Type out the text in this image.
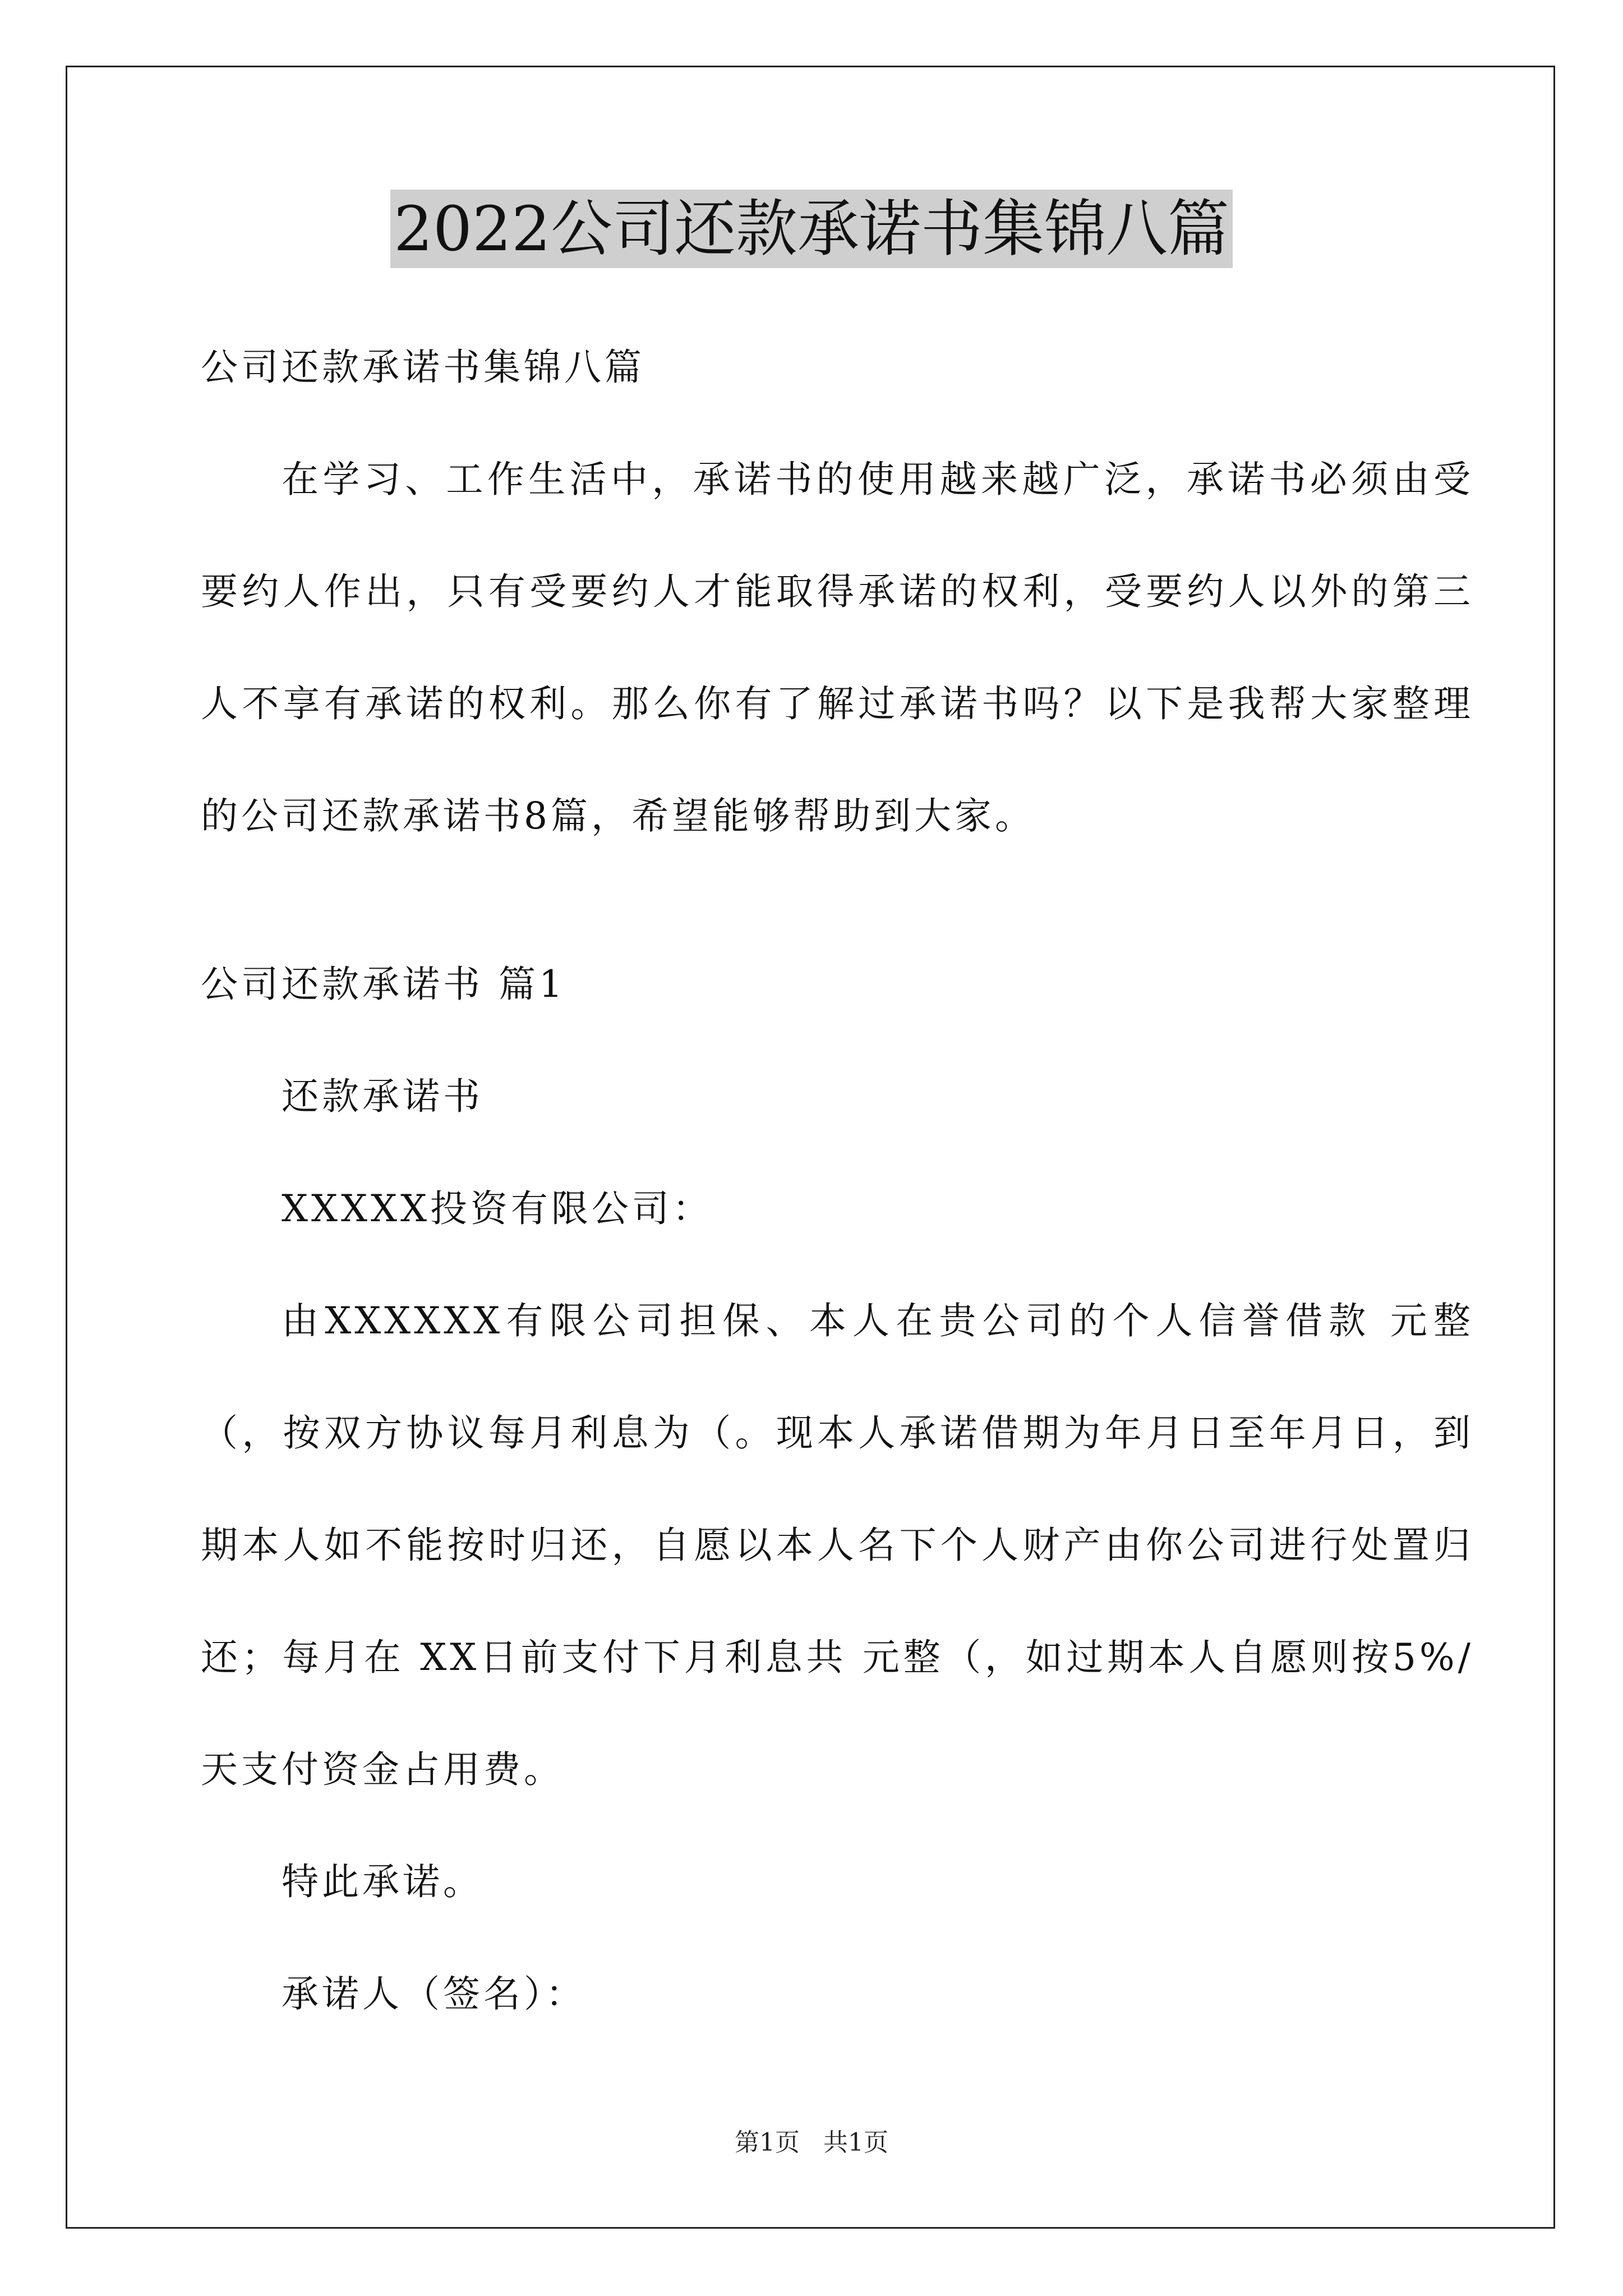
2022公司还款承诺书集锦八篇

公司还款承诺书集锦八篇

在学习、工作生活中，承诺书的使用越来越广泛，承诺书必须由受要约人作出，只有受要约人才能取得承诺的权利，受要约人以外的第三人不享有承诺的权利。那么你有了解过承诺书吗？以下是我帮大家整理的公司还款承诺书8篇，希望能够帮助到大家。

公司还款承诺书 篇1

还款承诺书

XXXXX投资有限公司：

由XXXXXX有限公司担保、本人在贵公司的个人信誉借款 元整（，按双方协议每月利息为（。现本人承诺借期为年月日至年月日，到期本人如不能按时归还，自愿以本人名下个人财产由你公司进行处置归还；每月在 XX日前支付下月利息共 元整（，如过期本人自愿则按5%/天支付资金占用费。

特此承诺。

承诺人（签名）：

第1页   共1页
